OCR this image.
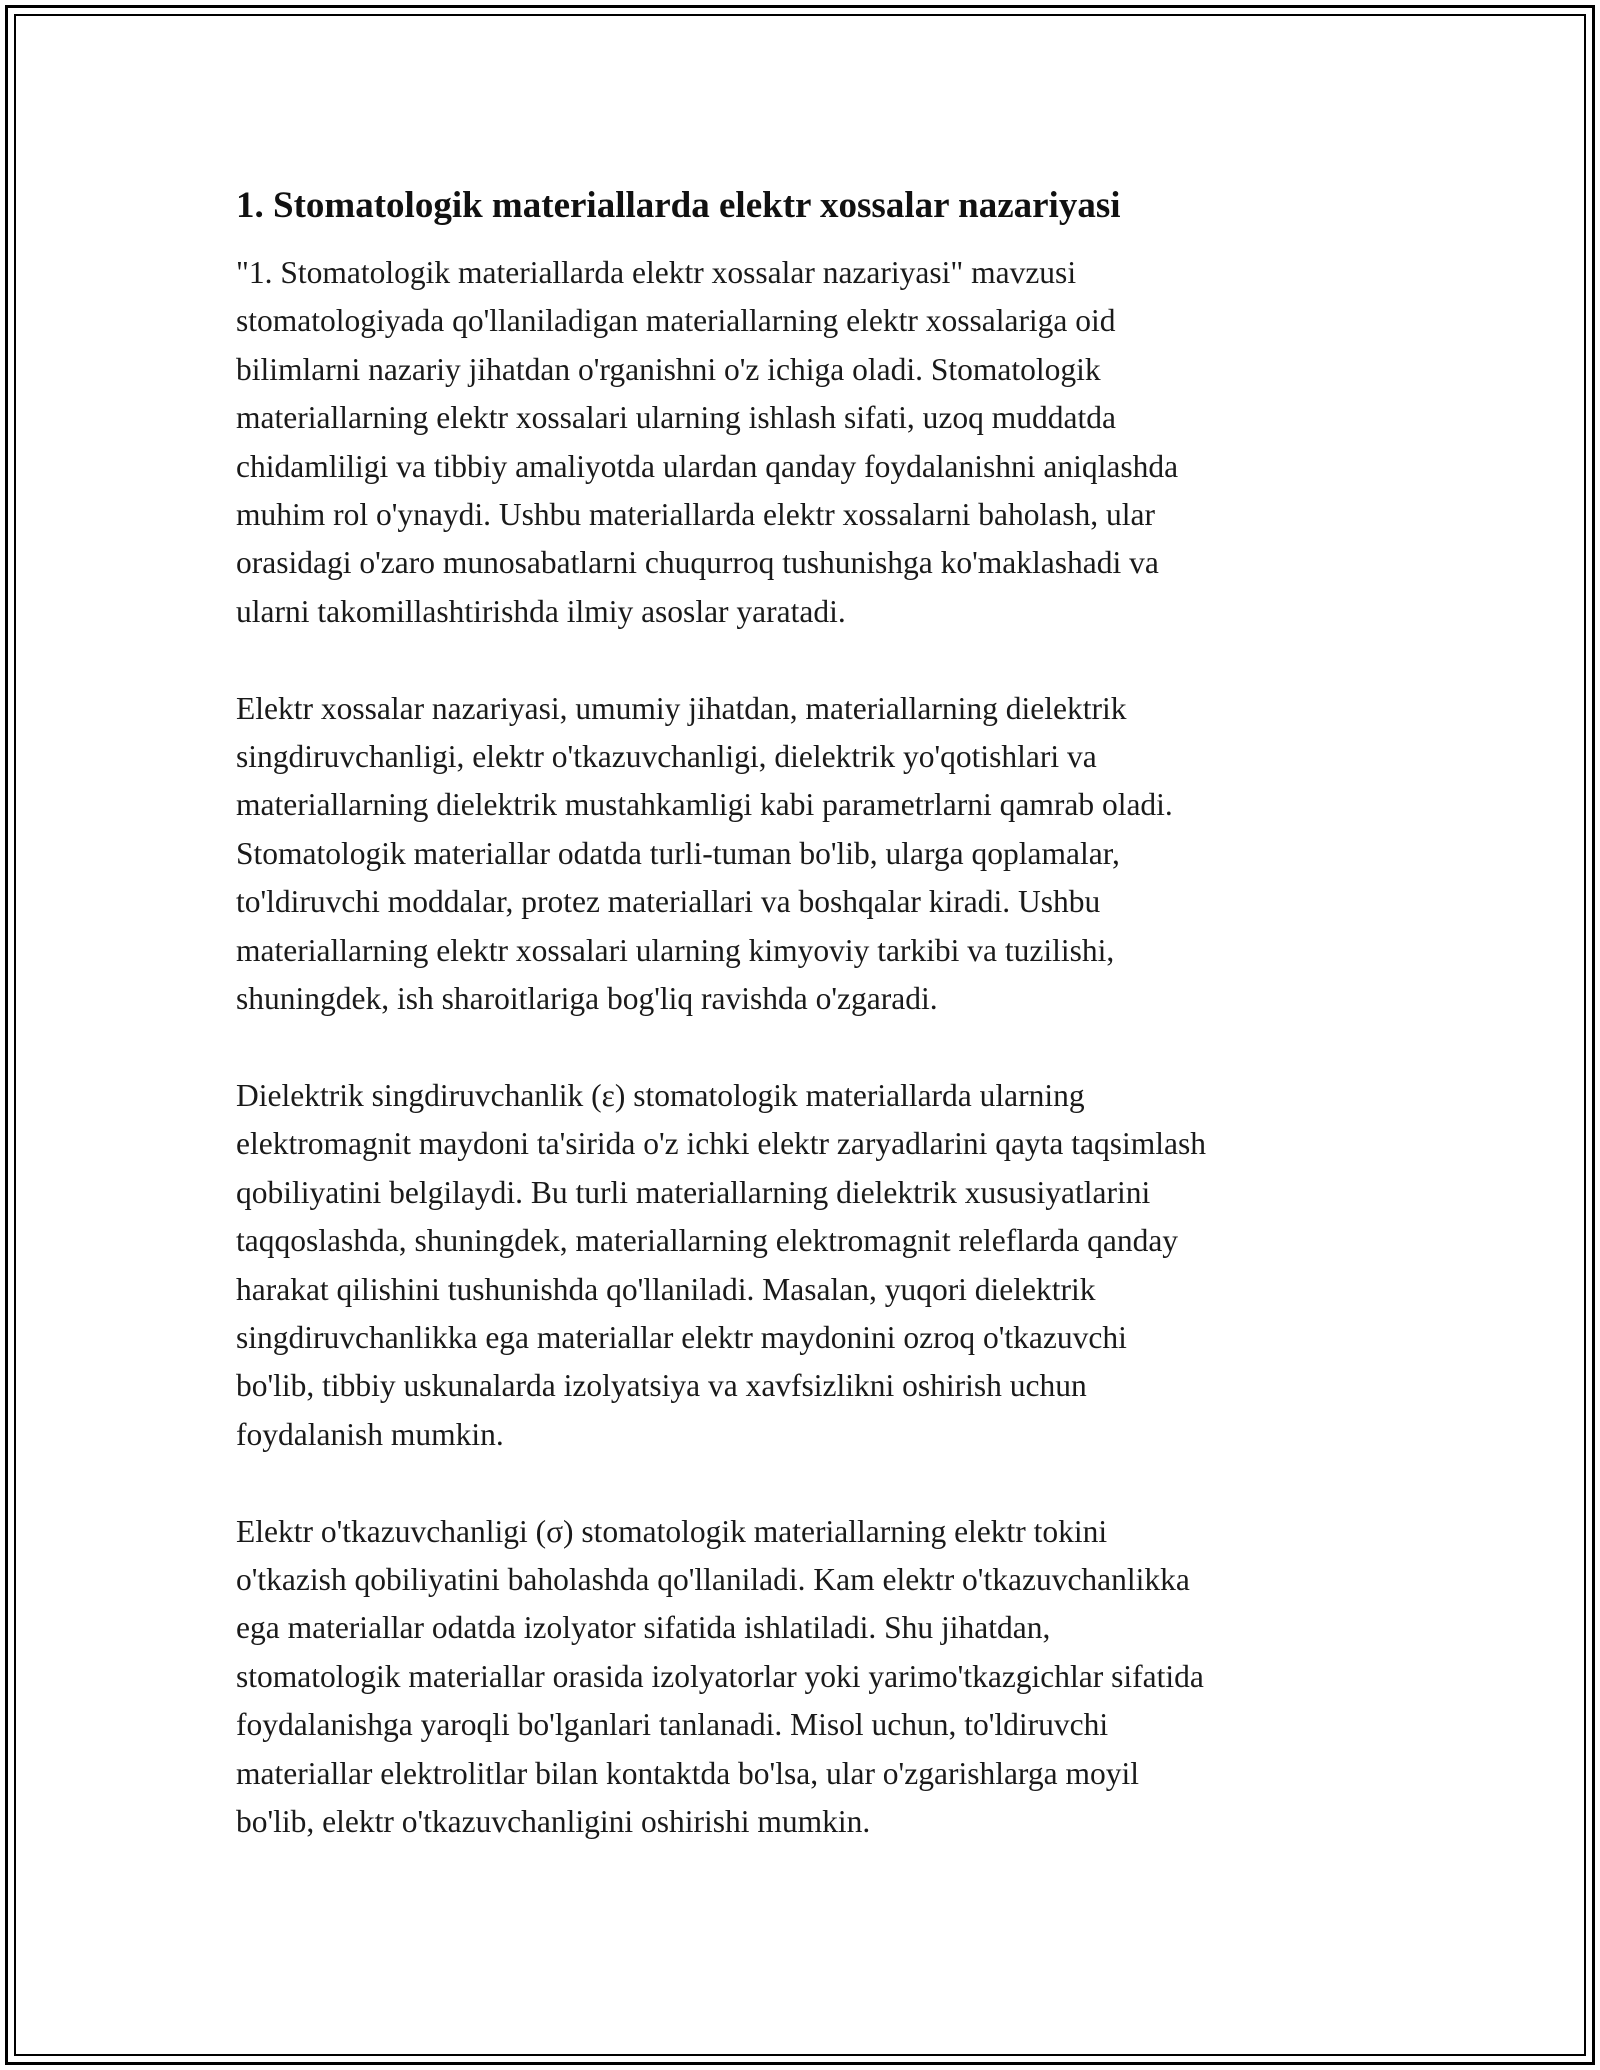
1. Stomatologik materiallarda elektr xossalar nazariyasi

"1. Stomatologik materiallarda elektr xossalar nazariyasi" mavzusi
stomatologiyada qo'llaniladigan materiallarning elektr xossalariga oid
bilimlarni nazariy jihatdan o'rganishni o'z ichiga oladi. Stomatologik
materiallarning elektr xossalari ularning ishlash sifati, uzoq muddatda
chidamliligi va tibbiy amaliyotda ulardan qanday foydalanishni aniqlashda
muhim rol o'ynaydi. Ushbu materiallarda elektr xossalarni baholash, ular
orasidagi o'zaro munosabatlarni chuqurroq tushunishga ko'maklashadi va
ularni takomillashtirishda ilmiy asoslar yaratadi.

Elektr xossalar nazariyasi, umumiy jihatdan, materiallarning dielektrik
singdiruvchanligi, elektr o'tkazuvchanligi, dielektrik yo'qotishlari va
materiallarning dielektrik mustahkamligi kabi parametrlarni qamrab oladi.
Stomatologik materiallar odatda turli-tuman bo'lib, ularga qoplamalar,
to'ldiruvchi moddalar, protez materiallari va boshqalar kiradi. Ushbu
materiallarning elektr xossalari ularning kimyoviy tarkibi va tuzilishi,
shuningdek, ish sharoitlariga bog'liq ravishda o'zgaradi.

Dielektrik singdiruvchanlik (ε) stomatologik materiallarda ularning
elektromagnit maydoni ta'sirida o'z ichki elektr zaryadlarini qayta taqsimlash
qobiliyatini belgilaydi. Bu turli materiallarning dielektrik xususiyatlarini
taqqoslashda, shuningdek, materiallarning elektromagnit releflarda qanday
harakat qilishini tushunishda qo'llaniladi. Masalan, yuqori dielektrik
singdiruvchanlikka ega materiallar elektr maydonini ozroq o'tkazuvchi
bo'lib, tibbiy uskunalarda izolyatsiya va xavfsizlikni oshirish uchun
foydalanish mumkin.

Elektr o'tkazuvchanligi (σ) stomatologik materiallarning elektr tokini
o'tkazish qobiliyatini baholashda qo'llaniladi. Kam elektr o'tkazuvchanlikka
ega materiallar odatda izolyator sifatida ishlatiladi. Shu jihatdan,
stomatologik materiallar orasida izolyatorlar yoki yarimo'tkazgichlar sifatida
foydalanishga yaroqli bo'lganlari tanlanadi. Misol uchun, to'ldiruvchi
materiallar elektrolitlar bilan kontaktda bo'lsa, ular o'zgarishlarga moyil
bo'lib, elektr o'tkazuvchanligini oshirishi mumkin.
